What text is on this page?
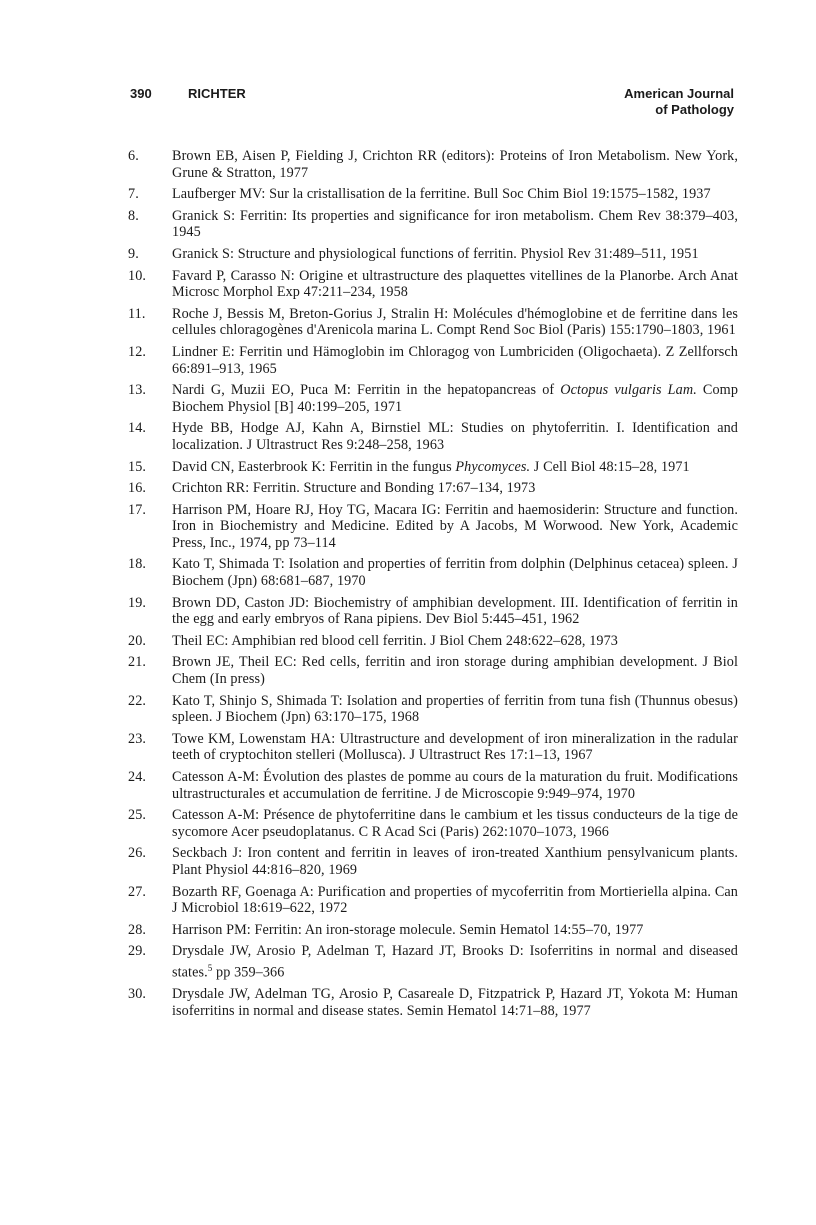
390	RICHTER	American Journal
of Pathology
6.	Brown EB, Aisen P, Fielding J, Crichton RR (editors): Proteins of Iron Metabolism. New York, Grune & Stratton, 1977
7.	Laufberger MV: Sur la cristallisation de la ferritine. Bull Soc Chim Biol 19:1575–1582, 1937
8.	Granick S: Ferritin: Its properties and significance for iron metabolism. Chem Rev 38:379–403, 1945
9.	Granick S: Structure and physiological functions of ferritin. Physiol Rev 31:489–511, 1951
10.	Favard P, Carasso N: Origine et ultrastructure des plaquettes vitellines de la Planorbe. Arch Anat Microsc Morphol Exp 47:211–234, 1958
11.	Roche J, Bessis M, Breton-Gorius J, Stralin H: Molécules d'hémoglobine et de ferritine dans les cellules chloragogènes d'Arenicola marina L. Compt Rend Soc Biol (Paris) 155:1790–1803, 1961
12.	Lindner E: Ferritin und Hämoglobin im Chloragog von Lumbriciden (Oligochaeta). Z Zellforsch 66:891–913, 1965
13.	Nardi G, Muzii EO, Puca M: Ferritin in the hepatopancreas of Octopus vulgaris Lam. Comp Biochem Physiol [B] 40:199–205, 1971
14.	Hyde BB, Hodge AJ, Kahn A, Birnstiel ML: Studies on phytoferritin. I. Identification and localization. J Ultrastruct Res 9:248–258, 1963
15.	David CN, Easterbrook K: Ferritin in the fungus Phycomyces. J Cell Biol 48:15–28, 1971
16.	Crichton RR: Ferritin. Structure and Bonding 17:67–134, 1973
17.	Harrison PM, Hoare RJ, Hoy TG, Macara IG: Ferritin and haemosiderin: Structure and function. Iron in Biochemistry and Medicine. Edited by A Jacobs, M Worwood. New York, Academic Press, Inc., 1974, pp 73–114
18.	Kato T, Shimada T: Isolation and properties of ferritin from dolphin (Delphinus cetacea) spleen. J Biochem (Jpn) 68:681–687, 1970
19.	Brown DD, Caston JD: Biochemistry of amphibian development. III. Identification of ferritin in the egg and early embryos of Rana pipiens. Dev Biol 5:445–451, 1962
20.	Theil EC: Amphibian red blood cell ferritin. J Biol Chem 248:622–628, 1973
21.	Brown JE, Theil EC: Red cells, ferritin and iron storage during amphibian development. J Biol Chem (In press)
22.	Kato T, Shinjo S, Shimada T: Isolation and properties of ferritin from tuna fish (Thunnus obesus) spleen. J Biochem (Jpn) 63:170–175, 1968
23.	Towe KM, Lowenstam HA: Ultrastructure and development of iron mineralization in the radular teeth of cryptochiton stelleri (Mollusca). J Ultrastruct Res 17:1–13, 1967
24.	Catesson A-M: Évolution des plastes de pomme au cours de la maturation du fruit. Modifications ultrastructurales et accumulation de ferritine. J de Microscopie 9:949–974, 1970
25.	Catesson A-M: Présence de phytoferritine dans le cambium et les tissus conducteurs de la tige de sycomore Acer pseudoplatanus. C R Acad Sci (Paris) 262:1070–1073, 1966
26.	Seckbach J: Iron content and ferritin in leaves of iron-treated Xanthium pensylvanicum plants. Plant Physiol 44:816–820, 1969
27.	Bozarth RF, Goenaga A: Purification and properties of mycoferritin from Mortieriella alpina. Can J Microbiol 18:619–622, 1972
28.	Harrison PM: Ferritin: An iron-storage molecule. Semin Hematol 14:55–70, 1977
29.	Drysdale JW, Arosio P, Adelman T, Hazard JT, Brooks D: Isoferritins in normal and diseased states.$^5$ pp 359–366
30.	Drysdale JW, Adelman TG, Arosio P, Casareale D, Fitzpatrick P, Hazard JT, Yokota M: Human isoferritins in normal and disease states. Semin Hematol 14:71–88, 1977
